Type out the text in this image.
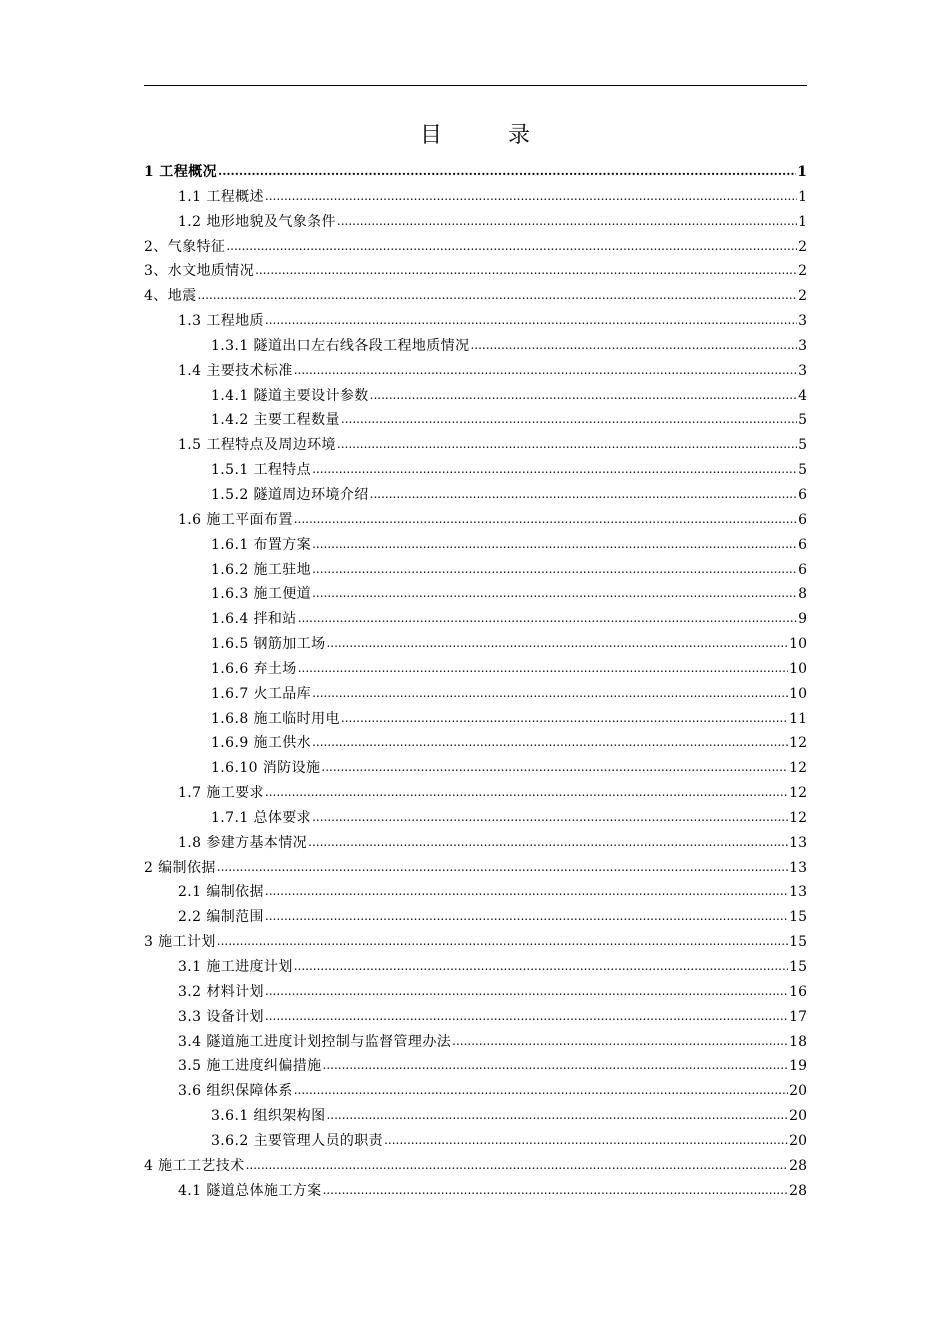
目　录
1 工程概况 .....	1
1.1 工程概述 .....	1
1.2 地形地貌及气象条件 .....	1
2、气象特征 .....	2
3、水文地质情况 .....	2
4、地震 .....	2
1.3 工程地质 .....	3
1.3.1 隧道出口左右线各段工程地质情况 .....	3
1.4 主要技术标准 .....	3
1.4.1 隧道主要设计参数 .....	4
1.4.2 主要工程数量 .....	5
1.5 工程特点及周边环境 .....	5
1.5.1 工程特点 .....	5
1.5.2 隧道周边环境介绍 .....	6
1.6 施工平面布置 .....	6
1.6.1 布置方案 .....	6
1.6.2 施工驻地 .....	6
1.6.3 施工便道 .....	8
1.6.4 拌和站 .....	9
1.6.5 钢筋加工场 .....	10
1.6.6 弃土场 .....	10
1.6.7 火工品库 .....	10
1.6.8 施工临时用电 .....	11
1.6.9 施工供水 .....	12
1.6.10 消防设施 .....	12
1.7 施工要求 .....	12
1.7.1 总体要求 .....	12
1.8 参建方基本情况 .....	13
2 编制依据 .....	13
2.1 编制依据 .....	13
2.2 编制范围 .....	15
3 施工计划 .....	15
3.1 施工进度计划 .....	15
3.2 材料计划 .....	16
3.3 设备计划 .....	17
3.4 隧道施工进度计划控制与监督管理办法 .....	18
3.5 施工进度纠偏措施 .....	19
3.6 组织保障体系 .....	20
3.6.1 组织架构图 .....	20
3.6.2 主要管理人员的职责 .....	20
4 施工工艺技术 .....	28
4.1 隧道总体施工方案 .....	28
